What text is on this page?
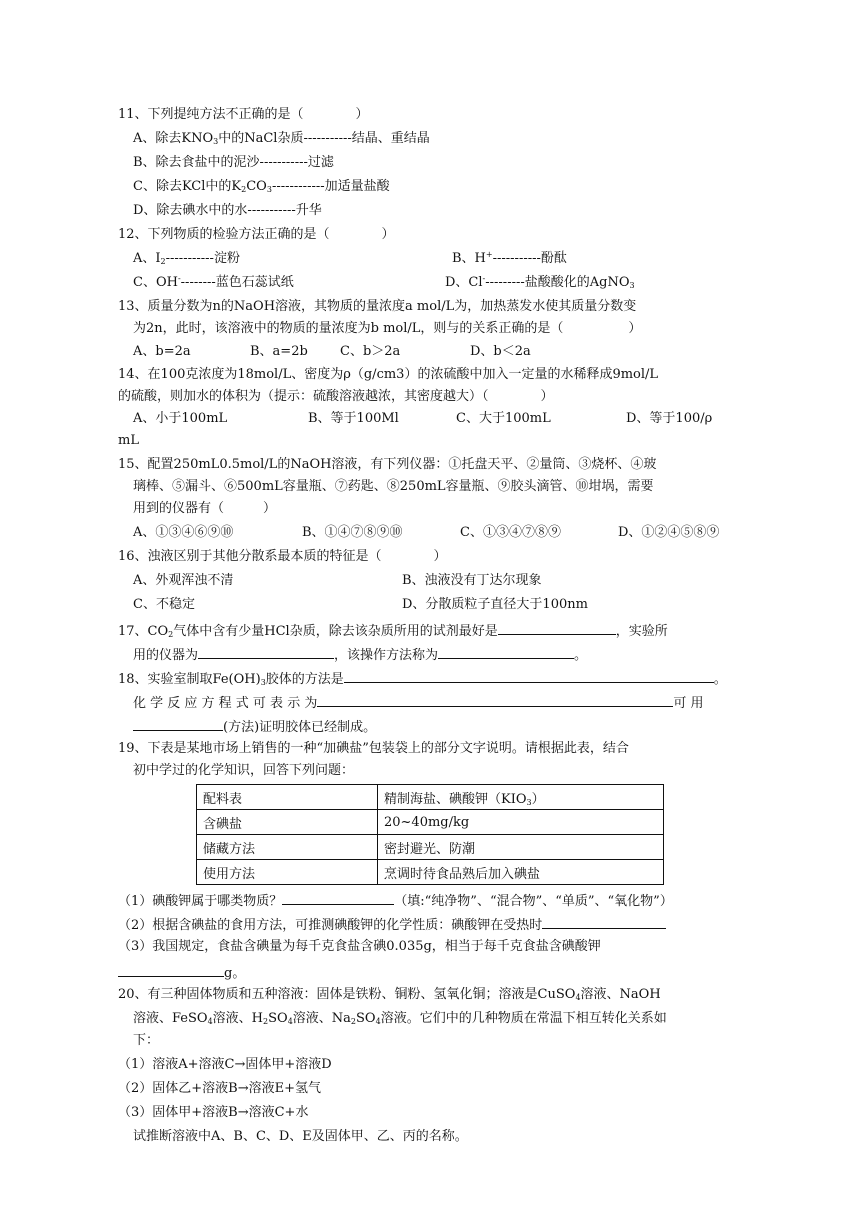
11、下列提纯方法不正确的是（　　　　）
A、除去$KNO_3$中的NaCl杂质-----------结晶、重结晶
B、除去食盐中的泥沙-----------过滤
C、除去KCl中的$K_2CO_3------------$加适量盐酸
D、除去碘水中的水-----------升华
12、下列物质的检验方法正确的是（　　　　）
A、$I_2-----------$淀粉	B、H+-----------酚酞
C、OH---------蓝色石蕊试纸	D、Cl----------盐酸酸化的AgNO$_3$
13、质量分数为n的NaOH溶液，其物质的量浓度a mol/L为，加热蒸发水使其质量分数变
为2n，此时，该溶液中的物质的量浓度为b mol/L，则与的关系正确的是（　　　　　）
A、b=2a	B、a=2b C、b＞2a	D、b＜2a
14、在100克浓度为18mol/L、密度为ρ（g/cm3）的浓硫酸中加入一定量的水稀释成9mol/L
的硫酸，则加水的体积为（提示：硫酸溶液越浓，其密度越大）（　　　　）
A、小于100mL	B、等于100Ml	C、大于100mL	D、等于100/ρ
mL
15、配置250mL0.5mol/L的NaOH溶液，有下列仪器：①托盘天平、②量筒、③烧杯、④玻
璃棒、⑤漏斗、⑥500mL容量瓶、⑦药匙、⑧250mL容量瓶、⑨胶头滴管、⑩坩埚，需要
用到的仪器有（　　　）
A、①③④⑥⑨⑩	B、①④⑦⑧⑨⑩	C、①③④⑦⑧⑨	D、①②④⑤⑧⑨
16、浊液区别于其他分散系最本质的特征是（　　　　）
A、外观浑浊不清	B、浊液没有丁达尔现象
C、不稳定	D、分散质粒子直径大于100nm
17、$CO_2$气体中含有少量HCl杂质，除去该杂质所用的试剂最好是	，实验所
用的仪器为	，该操作方法称为	。
18、实验室制取$Fe(OH)_3$胶体的方法是	。
化 学 反 应 方 程 式 可 表 示 为	可 用
(方法)证明胶体已经制成。
19、下表是某地市场上销售的一种“加碘盐”包装袋上的部分文字说明。请根据此表，结合
初中学过的化学知识，回答下列问题：
配料表	精制海盐、碘酸钾$(KIO_3)$
含碘盐	20~40mg/kg
储藏方法	密封避光、防潮
使用方法	烹调时待食品熟后加入碘盐
（1）碘酸钾属于哪类物质？	（填:“纯净物”、“混合物”、“单质”、“氧化物”）
（2）根据含碘盐的食用方法，可推测碘酸钾的化学性质：碘酸钾在受热时
（3）我国规定，食盐含碘量为每千克食盐含碘0.035g，相当于每千克食盐含碘酸钾
g。
20、有三种固体物质和五种溶液：固体是铁粉、铜粉、氢氧化铜；溶液是CuSO$_4$溶液、NaOH
溶液、FeSO$_4$溶液、$H_2SO_4$溶液、$Na_2SO_4$溶液。它们中的几种物质在常温下相互转化关系如
下：
（1）溶液A+溶液C→固体甲+溶液D
（2）固体乙+溶液B→溶液E+氢气
（3）固体甲+溶液B→溶液C+水
试推断溶液中A、B、C、D、E及固体甲、乙、丙的名称。
